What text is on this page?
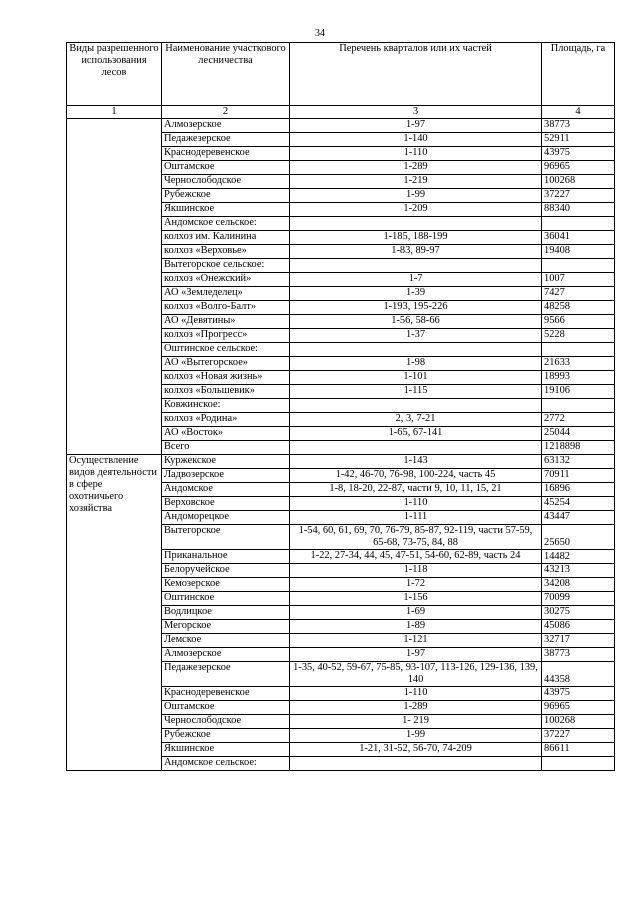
34
Виды разрешенного использования лесов	Наименование участкового лесничества	Перечень кварталов или их частей	Площадь, га
1	2	3	4
	Алмозерское	1-97	38773
	Педажезерское	1-140	52911
	Краснодеревенское	1-110	43975
	Оштамское	1-289	96965
	Чернослободское	1-219	100268
	Рубежское	1-99	37227
	Якшинское	1-209	88340
	Андомское сельское:		
	колхоз им. Калинина	1-185, 188-199	36041
	колхоз «Верховье»	1-83, 89-97	19408
	Вытегорское сельское:		
	колхоз «Онежский»	1-7	1007
	АО «Земледелец»	1-39	7427
	колхоз «Волго-Балт»	1-193, 195-226	48258
	АО «Девятины»	1-56, 58-66	9566
	колхоз «Прогресс»	1-37	5228
	Оштинское сельское:		
	АО «Вытегорское»	1-98	21633
	колхоз «Новая жизнь»	1-101	18993
	колхоз «Большевик»	1-115	19106
	Ковжинское:		
	колхоз «Родина»	2, 3, 7-21	2772
	АО «Восток»	1-65, 67-141	25044
	Всего		1218898
Осуществление видов деятельности в сфере охотничьего хозяйства	Куржекское	1-143	63132
	Ладвозерское	1-42, 46-70, 76-98, 100-224, часть 45	70911
	Андомское	1-8, 18-20, 22-87, части 9, 10, 11, 15, 21	16896
	Верховское	1-110	45254
	Андоморецкое	1-111	43447
	Вытегорское	1-54, 60, 61, 69, 70, 76-79, 85-87, 92-119, части 57-59, 65-68, 73-75, 84, 88	25650
	Приканальное	1-22, 27-34, 44, 45, 47-51, 54-60, 62-89, часть 24	14482
	Белоручейское	1-118	43213
	Кемозерское	1-72	34208
	Оштинское	1-156	70099
	Водлицкое	1-69	30275
	Мегорское	1-89	45086
	Лемское	1-121	32717
	Алмозерское	1-97	38773
	Педажезерское	1-35, 40-52, 59-67, 75-85, 93-107, 113-126, 129-136, 139, 140	44358
	Краснодеревенское	1-110	43975
	Оштамское	1-289	96965
	Чернослободское	1- 219	100268
	Рубежское	1-99	37227
	Якшинское	1-21, 31-52, 56-70, 74-209	86611
	Андомское сельское:		
